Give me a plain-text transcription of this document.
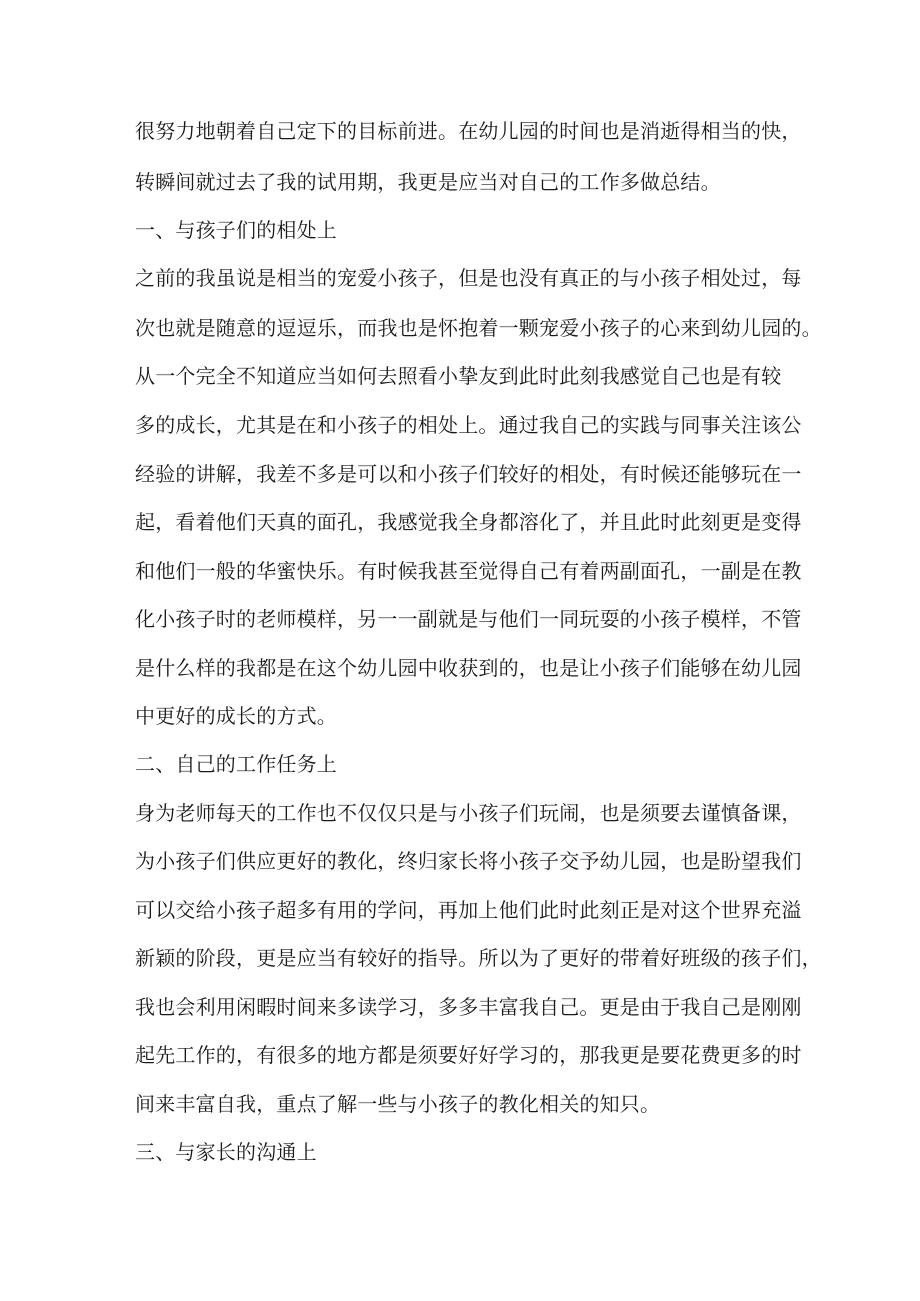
很努力地朝着自己定下的目标前进。在幼儿园的时间也是消逝得相当的快，
转瞬间就过去了我的试用期，我更是应当对自己的工作多做总结。
一、与孩子们的相处上
之前的我虽说是相当的宠爱小孩子，但是也没有真正的与小孩子相处过，每
次也就是随意的逗逗乐，而我也是怀抱着一颗宠爱小孩子的心来到幼儿园的。
从一个完全不知道应当如何去照看小挚友到此时此刻我感觉自己也是有较
多的成长，尤其是在和小孩子的相处上。通过我自己的实践与同事关注该公
经验的讲解，我差不多是可以和小孩子们较好的相处，有时候还能够玩在一
起，看着他们天真的面孔，我感觉我全身都溶化了，并且此时此刻更是变得
和他们一般的华蜜快乐。有时候我甚至觉得自己有着两副面孔，一副是在教
化小孩子时的老师模样，另一一副就是与他们一同玩耍的小孩子模样，不管
是什么样的我都是在这个幼儿园中收获到的，也是让小孩子们能够在幼儿园
中更好的成长的方式。
二、自己的工作任务上
身为老师每天的工作也不仅仅只是与小孩子们玩闹，也是须要去谨慎备课，
为小孩子们供应更好的教化，终归家长将小孩子交予幼儿园，也是盼望我们
可以交给小孩子超多有用的学问，再加上他们此时此刻正是对这个世界充溢
新颖的阶段，更是应当有较好的指导。所以为了更好的带着好班级的孩子们，
我也会利用闲暇时间来多读学习，多多丰富我自己。更是由于我自己是刚刚
起先工作的，有很多的地方都是须要好好学习的，那我更是要花费更多的时
间来丰富自我，重点了解一些与小孩子的教化相关的知只。
三、与家长的沟通上
